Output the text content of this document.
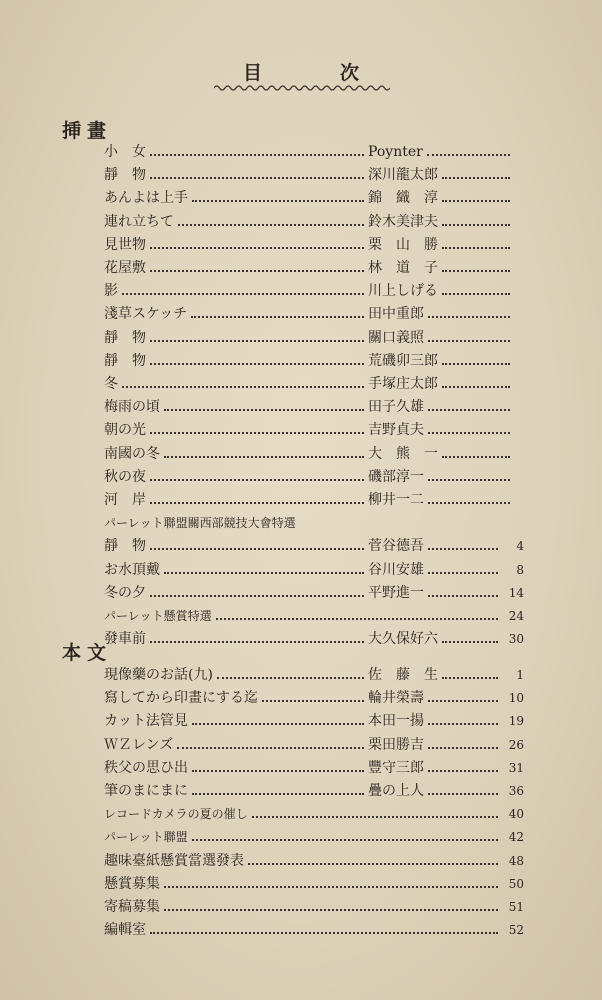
目次
挿畫
小　女	Poynter
靜　物	深川龍太郎
あんよは上手	錦　織　淳
連れ立ちて	鈴木美津夫
見世物	栗　山　勝
花屋敷	林　道　子
影	川上しげる
淺草スケッチ	田中重郎
靜　物	關口義照
靜　物	荒磯卯三郎
冬	手塚庄太郎
梅雨の頃	田子久雄
朝の光	吉野貞夫
南國の冬	大　熊　一
秋の夜	磯部淳一
河　岸	柳井一二
パーレット聯盟關西部競技大會特選
靜　物	菅谷德吾	4
お水頂戴	谷川安雄	8
冬の夕	平野進一	14
パーレット懸賞特選	24
發車前	大久保好六	30
本文
現像藥のお話(九)	佐　藤　生	1
寫してから印畫にする迄	輪井榮壽	10
カット法管見	本田一揚	19
ＷＺレンズ	栗田勝吉	26
秩父の思ひ出	豐守三郎	31
筆のまにまに	疊の上人	36
レコードカメラの夏の催し	40
パーレット聯盟	42
趣味臺紙懸賞當選發表	48
懸賞募集	50
寄稿募集	51
編輯室	52
